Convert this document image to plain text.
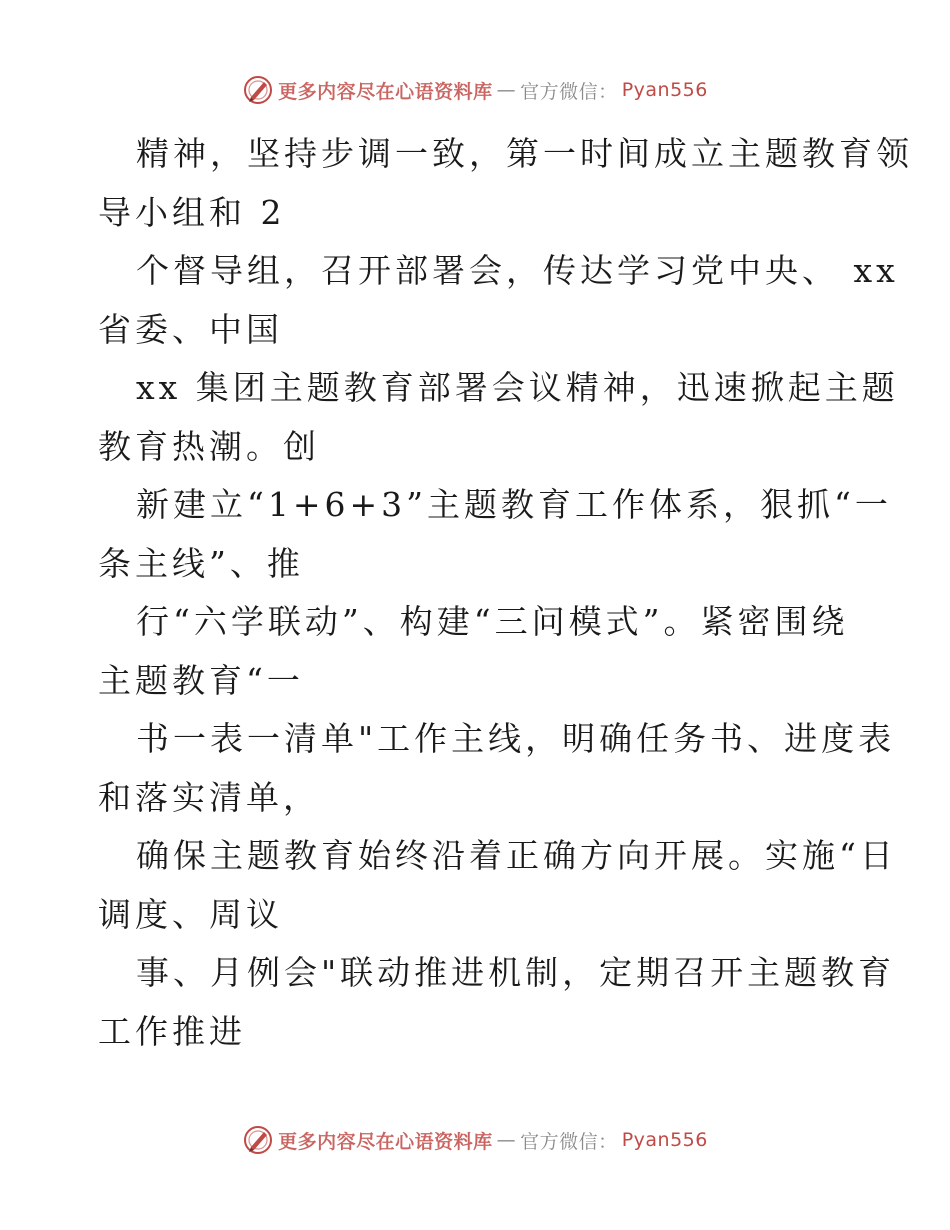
更多内容尽在心语资料库 — 官方微信： Pyan556
精神，坚持步调一致，第一时间成立主题教育领
导小组和 2
个督导组，召开部署会，传达学习党中央、 xx
省委、中国
xx 集团主题教育部署会议精神，迅速掀起主题
教育热潮。创
新建立“1+6+3”主题教育工作体系，狠抓“一
条主线”、推
行“六学联动”、构建“三问模式”。紧密围绕
主题教育“一
书一表一清单"工作主线，明确任务书、进度表
和落实清单，
确保主题教育始终沿着正确方向开展。实施“日
调度、周议
事、月例会"联动推进机制，定期召开主题教育
工作推进
更多内容尽在心语资料库 — 官方微信： Pyan556
